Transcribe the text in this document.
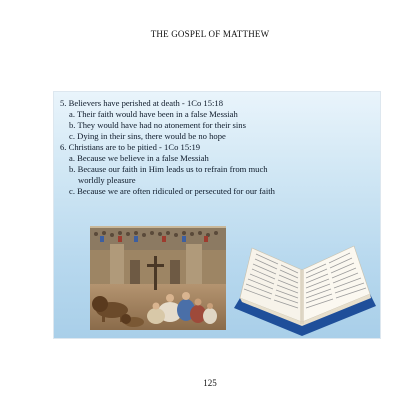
THE GOSPEL OF MATTHEW
5. Believers have perished at death - 1Co 15:18
a. Their faith would have been in a false Messiah
b. They would have had no atonement for their sins
c. Dying in their sins, there would be no hope
6. Christians are to be pitied - 1Co 15:19
a. Because we believe in a false Messiah
b. Because our faith in Him leads us to refrain from much
worldly pleasure
c. Because we are often ridiculed or persecuted for our faith
125
